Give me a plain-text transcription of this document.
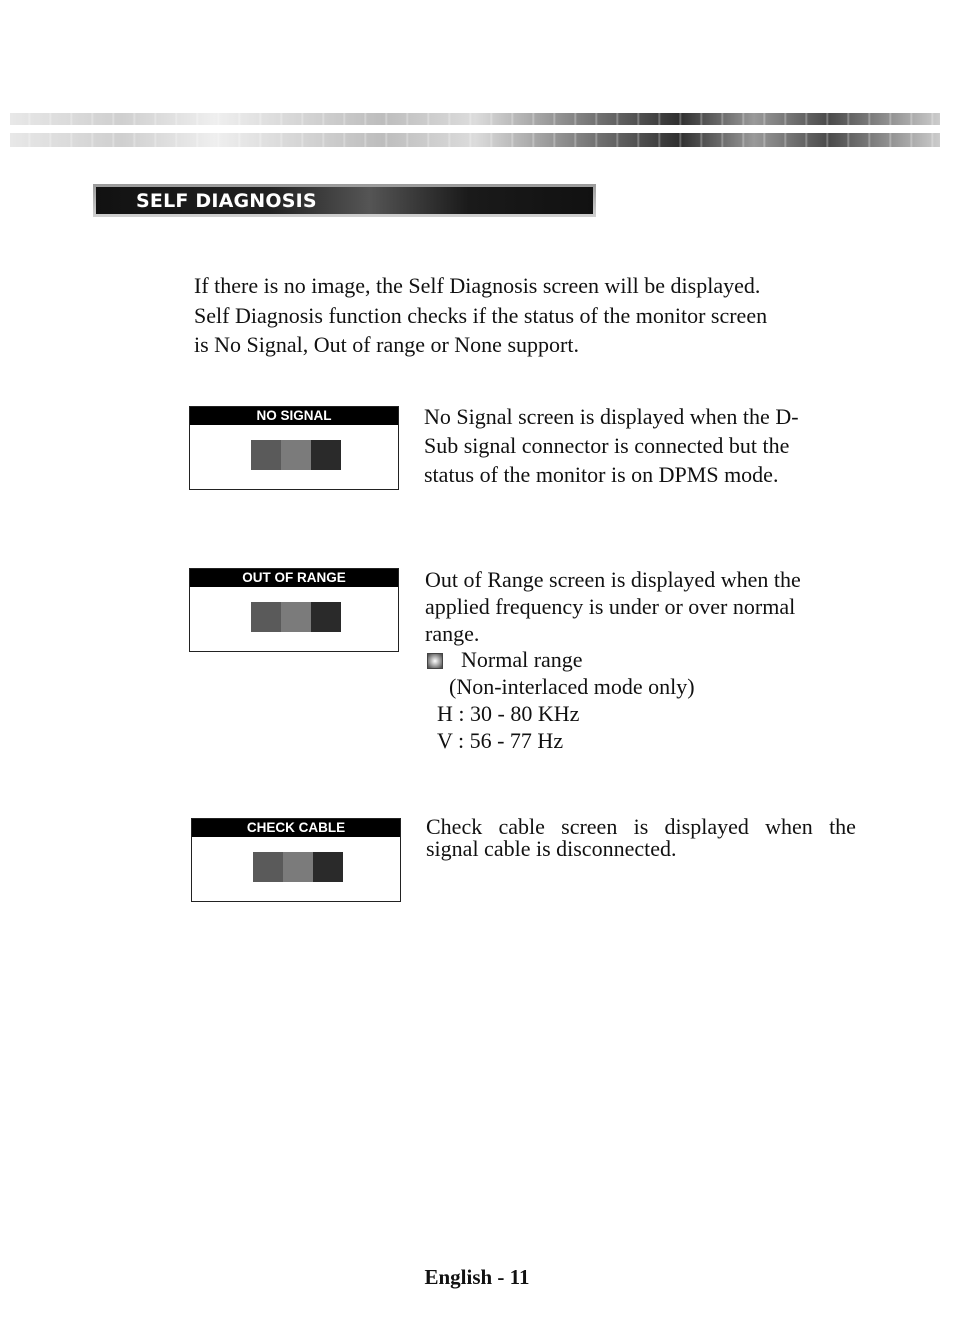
SELF DIAGNOSIS

If there is no image, the Self Diagnosis screen will be displayed.
Self Diagnosis function checks if the status of the monitor screen
is No Signal, Out of range or None support.

NO SIGNAL	No Signal screen is displayed when the D-
Sub signal connector is connected but the
status of the monitor is on DPMS mode.

OUT OF RANGE	Out of Range screen is displayed when the
applied frequency is under or over normal
range.
Normal range
(Non-interlaced mode only)
H : 30 - 80 KHz
V : 56 - 77 Hz
CHECK CABLE	Check cable screen is displayed when the
signal cable is disconnected.
English - 11
